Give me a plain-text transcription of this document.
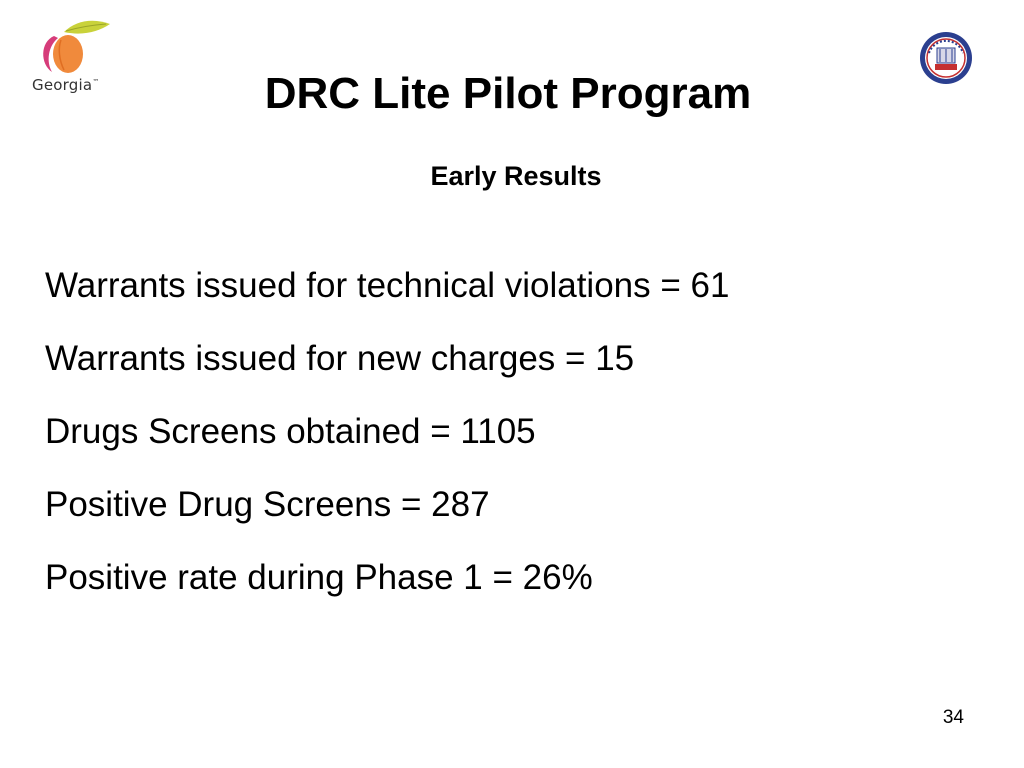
Georgia™	DRC Lite Pilot Program
Early Results
Warrants issued for technical violations = 61
Warrants issued for new charges = 15
Drugs Screens obtained = 1105
Positive Drug Screens = 287
Positive rate during Phase 1 = 26%
34
